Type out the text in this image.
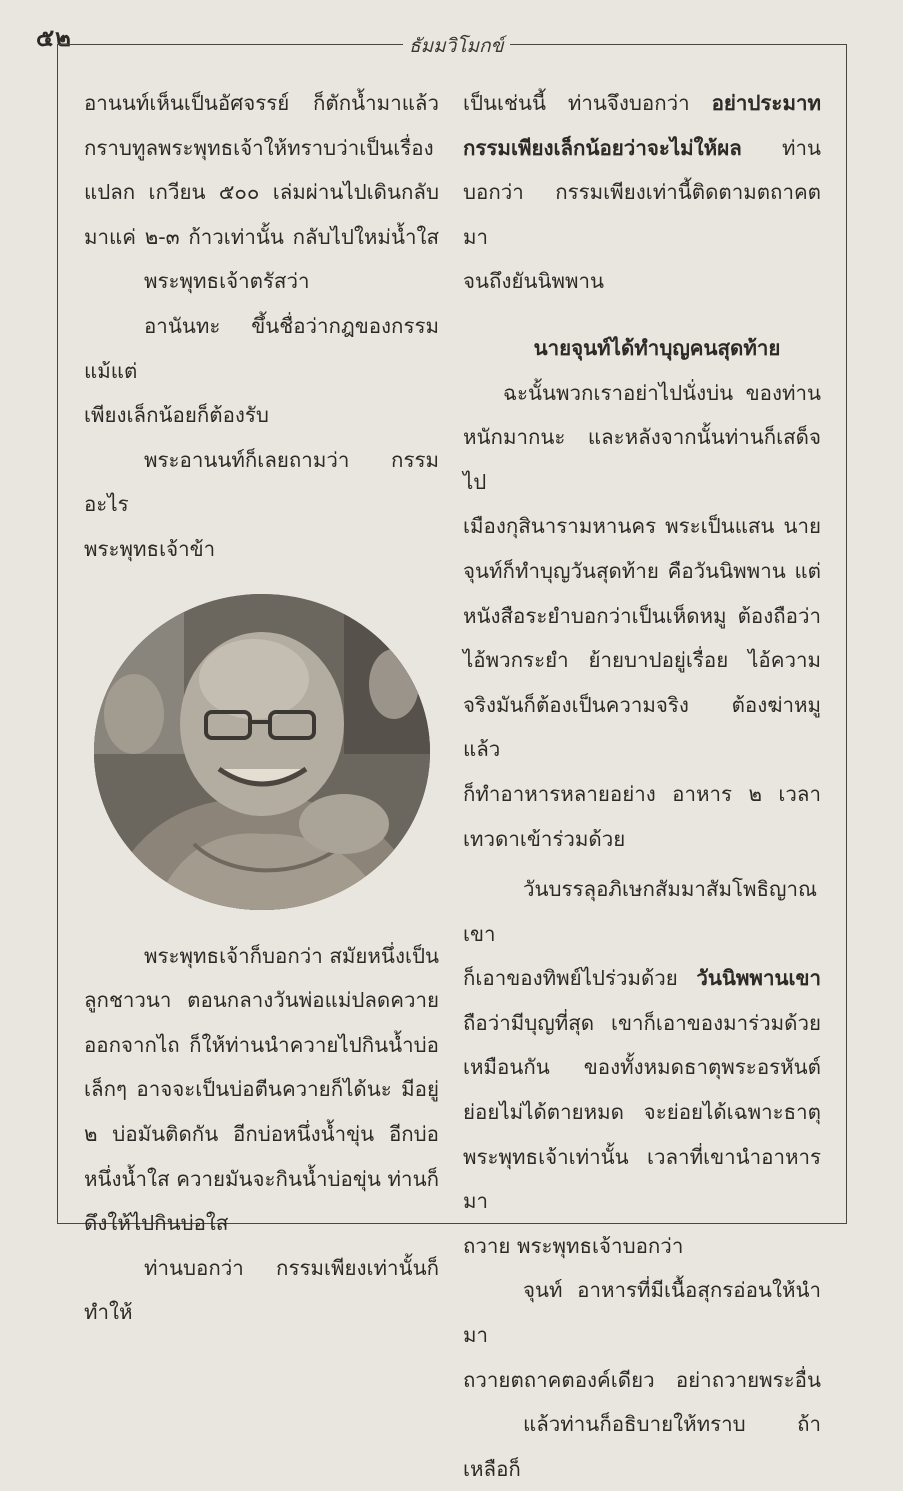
๕๒	ธัมมวิโมกข์

อานนท์เห็นเป็นอัศจรรย์ ก็ตักน้ำมาแล้ว

กราบทูลพระพุทธเจ้าให้ทราบว่าเป็นเรื่อง

แปลก เกวียน ๕๐๐ เล่มผ่านไปเดินกลับ

มาแค่ ๒-๓ ก้าวเท่านั้น กลับไปใหม่น้ำใส

พระพุทธเจ้าตรัสว่า

อานันทะ ขึ้นชื่อว่ากฎของกรรม แม้แต่

เพียงเล็กน้อยก็ต้องรับ

พระอานนท์ก็เลยถามว่า กรรมอะไร

พระพุทธเจ้าข้า

พระพุทธเจ้าก็บอกว่า สมัยหนึ่งเป็น

ลูกชาวนา ตอนกลางวันพ่อแม่ปลดควาย

ออกจากไถ ก็ให้ท่านนำควายไปกินน้ำบ่อ

เล็กๆ อาจจะเป็นบ่อตีนควายก็ได้นะ มีอยู่

๒ บ่อมันติดกัน อีกบ่อหนึ่งน้ำขุ่น อีกบ่อ

หนึ่งน้ำใส ควายมันจะกินน้ำบ่อขุ่น ท่านก็

ดึงให้ไปกินบ่อใส

ท่านบอกว่า กรรมเพียงเท่านั้นก็ทำให้

เป็นเช่นนี้ ท่านจึงบอกว่า อย่าประมาท

กรรมเพียงเล็กน้อยว่าจะไม่ให้ผล ท่าน

บอกว่า กรรมเพียงเท่านี้ติดตามตถาคตมา

จนถึงยันนิพพาน

นายจุนท์ได้ทำบุญคนสุดท้าย

ฉะนั้นพวกเราอย่าไปนั่งบ่น ของท่าน

หนักมากนะ และหลังจากนั้นท่านก็เสด็จไป

เมืองกุสินารามหานคร พระเป็นแสน นาย

จุนท์ก็ทำบุญวันสุดท้าย คือวันนิพพาน แต่

หนังสือระยำบอกว่าเป็นเห็ดหมู ต้องถือว่า

ไอ้พวกระยำ ย้ายบาปอยู่เรื่อย ไอ้ความ

จริงมันก็ต้องเป็นความจริง ต้องฆ่าหมูแล้ว

ก็ทำอาหารหลายอย่าง อาหาร ๒ เวลา

เทวดาเข้าร่วมด้วย

วันบรรลุอภิเษกสัมมาสัมโพธิญาณ เขา

ก็เอาของทิพย์ไปร่วมด้วย วันนิพพานเขา

ถือว่ามีบุญที่สุด เขาก็เอาของมาร่วมด้วย

เหมือนกัน ของทั้งหมดธาตุพระอรหันต์

ย่อยไม่ได้ตายหมด จะย่อยได้เฉพาะธาตุ

พระพุทธเจ้าเท่านั้น เวลาที่เขานำอาหารมา

ถวาย พระพุทธเจ้าบอกว่า

จุนท์ อาหารที่มีเนื้อสุกรอ่อนให้นำมา

ถวายตถาคตองค์เดียว อย่าถวายพระอื่น

แล้วท่านก็อธิบายให้ทราบ ถ้าเหลือก็
